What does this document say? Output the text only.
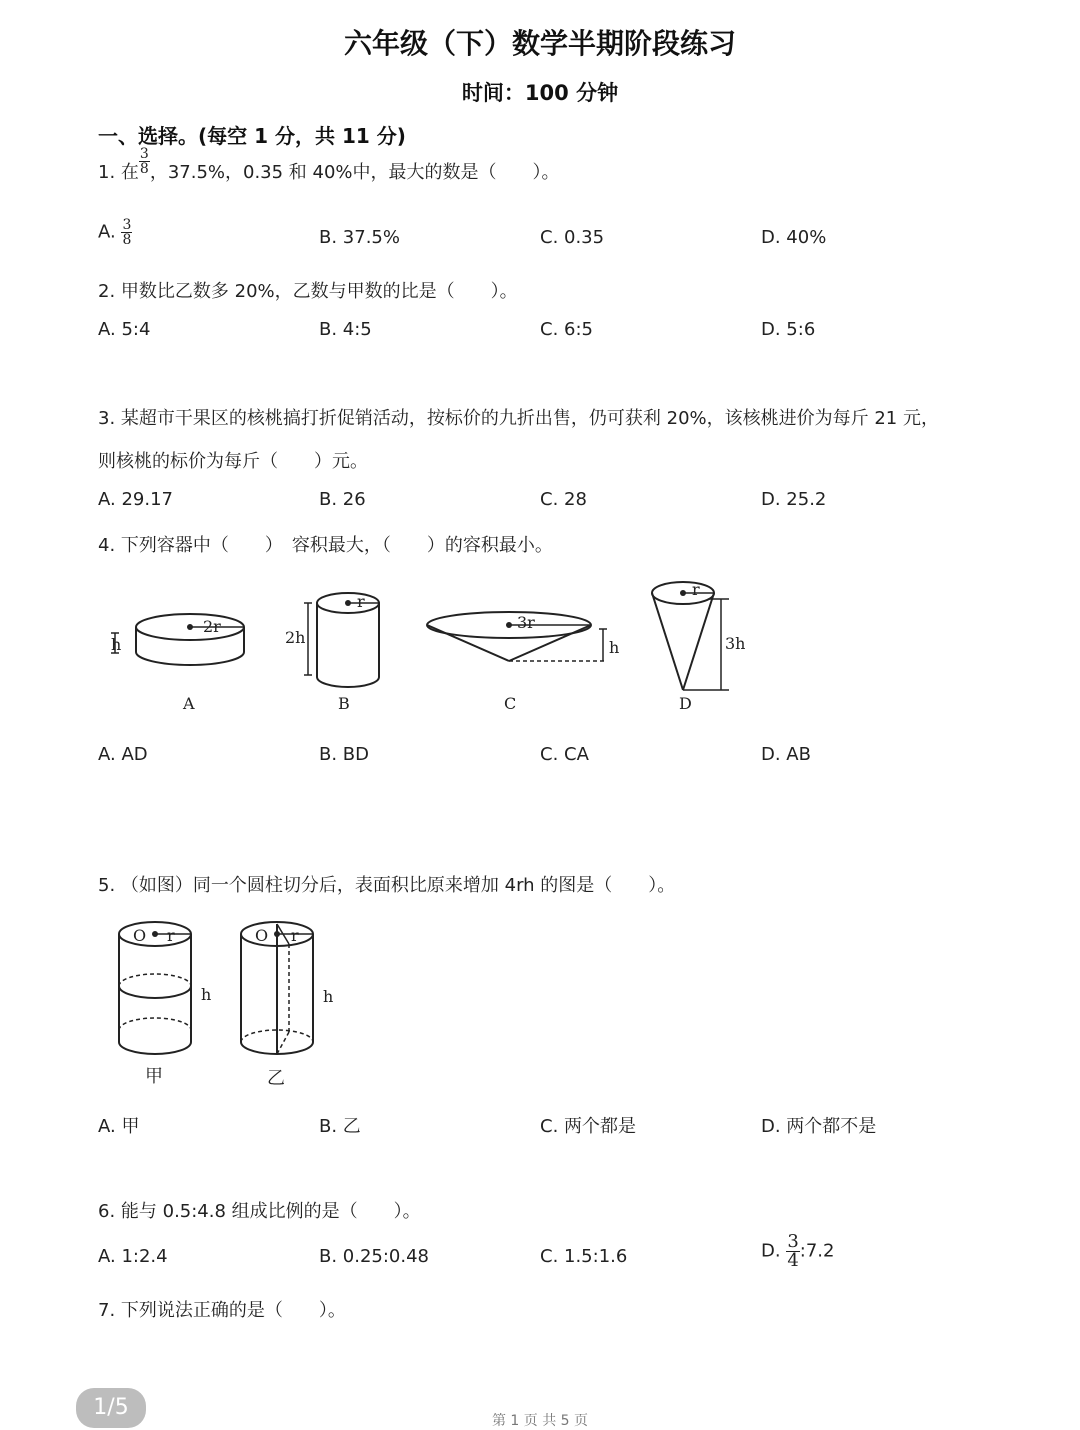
六年级（下）数学半期阶段练习
时间：100 分钟
一、选择。(每空 1 分，共 11 分)
1. 在 $\frac{3}{8}$ ，37.5%，0.35 和 40%中，最大的数是（　　）。
A. $\frac{3}{8}$	B. 37.5%	C. 0.35	D. 40%
2. 甲数比乙数多 20%，乙数与甲数的比是（　　）。
A. 5:4	B. 4:5	C. 6:5	D. 5:6
3. 某超市干果区的核桃搞打折促销活动，按标价的九折出售，仍可获利 20%，该核桃进价为每斤 21 元，
则核桃的标价为每斤（　　）元。
A. 29.17	B. 26	C. 28	D. 25.2
4. 下列容器中（　　）　容积最大，（　　）的容积最小。
2r
h
A
r
2h
B
3r
h
C
r
3h
D
A. AD	B. BD	C. CA	D. AB
5. （如图）同一个圆柱切分后，表面积比原来增加 4rh 的图是（　　）。
O r
h
O r
h
甲	乙
A. 甲	B. 乙	C. 两个都是	D. 两个都不是
6. 能与 0.5:4.8 组成比例的是（　　）。
A. 1:2.4	B. 0.25:0.48	C. 1.5:1.6	D. $\frac{3}{4}$ :7.2
7. 下列说法正确的是（　　）。
1/5
第 1 页 共 5 页
